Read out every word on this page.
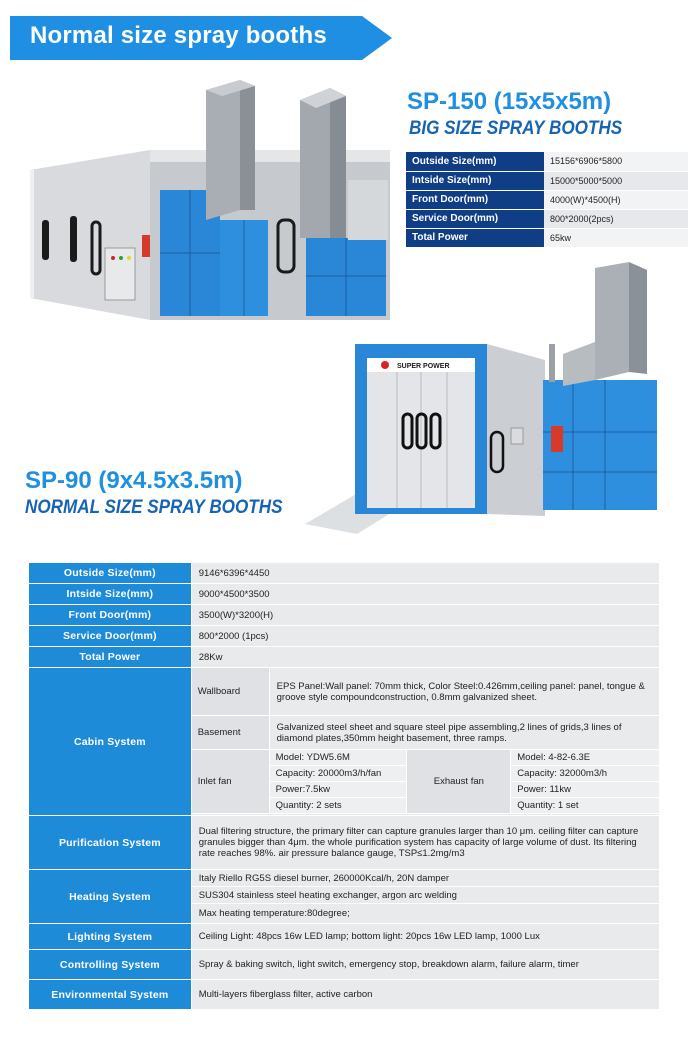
Normal size spray booths
SP-150 (15x5x5m)
BIG SIZE SPRAY BOOTHS
Outside Size(mm)	15156*6906*5800
Intside Size(mm)	15000*5000*5000
Front Door(mm)	4000(W)*4500(H)
Service Door(mm)	800*2000(2pcs)
Total Power	65kw
SUPER POWER
SP-90 (9x4.5x3.5m)
NORMAL SIZE SPRAY BOOTHS
Outside Size(mm)	9146*6396*4450			
Intside Size(mm)	9000*4500*3500			
Front Door(mm)	3500(W)*3200(H)			
Service Door(mm)	800*2000 (1pcs)			
Total Power	28Kw			
Cabin System	Wallboard	EPS Panel:Wall panel: 70mm thick, Color Steel:0.426mm,ceiling panel: panel, tongue & groove style compoundconstruction, 0.8mm galvanized sheet.		
	Basement	Galvanized steel sheet and square steel pipe assembling,2 lines of grids,3 lines of diamond plates,350mm height basement, three ramps.		
	Inlet fan	Model: YDW5.6M	Exhaust fan	Model: 4-82-6.3E
		Capacity: 20000m3/h/fan		Capacity: 32000m3/h
		Power:7.5kw		Power: 11kw
		Quantity: 2 sets		Quantity: 1 set

Purification System	Dual filtering structure, the primary filter can capture granules larger than 10 μm. ceiling filter can capture granules bigger than 4μm. the whole purification system has capacity of large volume of dust. Its filtering rate reaches 98%. air pressure balance gauge, TSP≤1.2mg/m3			
Heating System	Italy Riello RG5S diesel burner, 260000Kcal/h, 20N damper			
	SUS304 stainless steel heating exchanger, argon arc welding			
	Max heating temperature:80degree;			
Lighting System	Ceiling Light: 48pcs 16w LED lamp; bottom light: 20pcs 16w LED lamp, 1000 Lux			
Controlling System	Spray & baking switch, light switch, emergency stop, breakdown alarm, failure alarm, timer			
Environmental System	Multi-layers fiberglass filter, active carbon			
